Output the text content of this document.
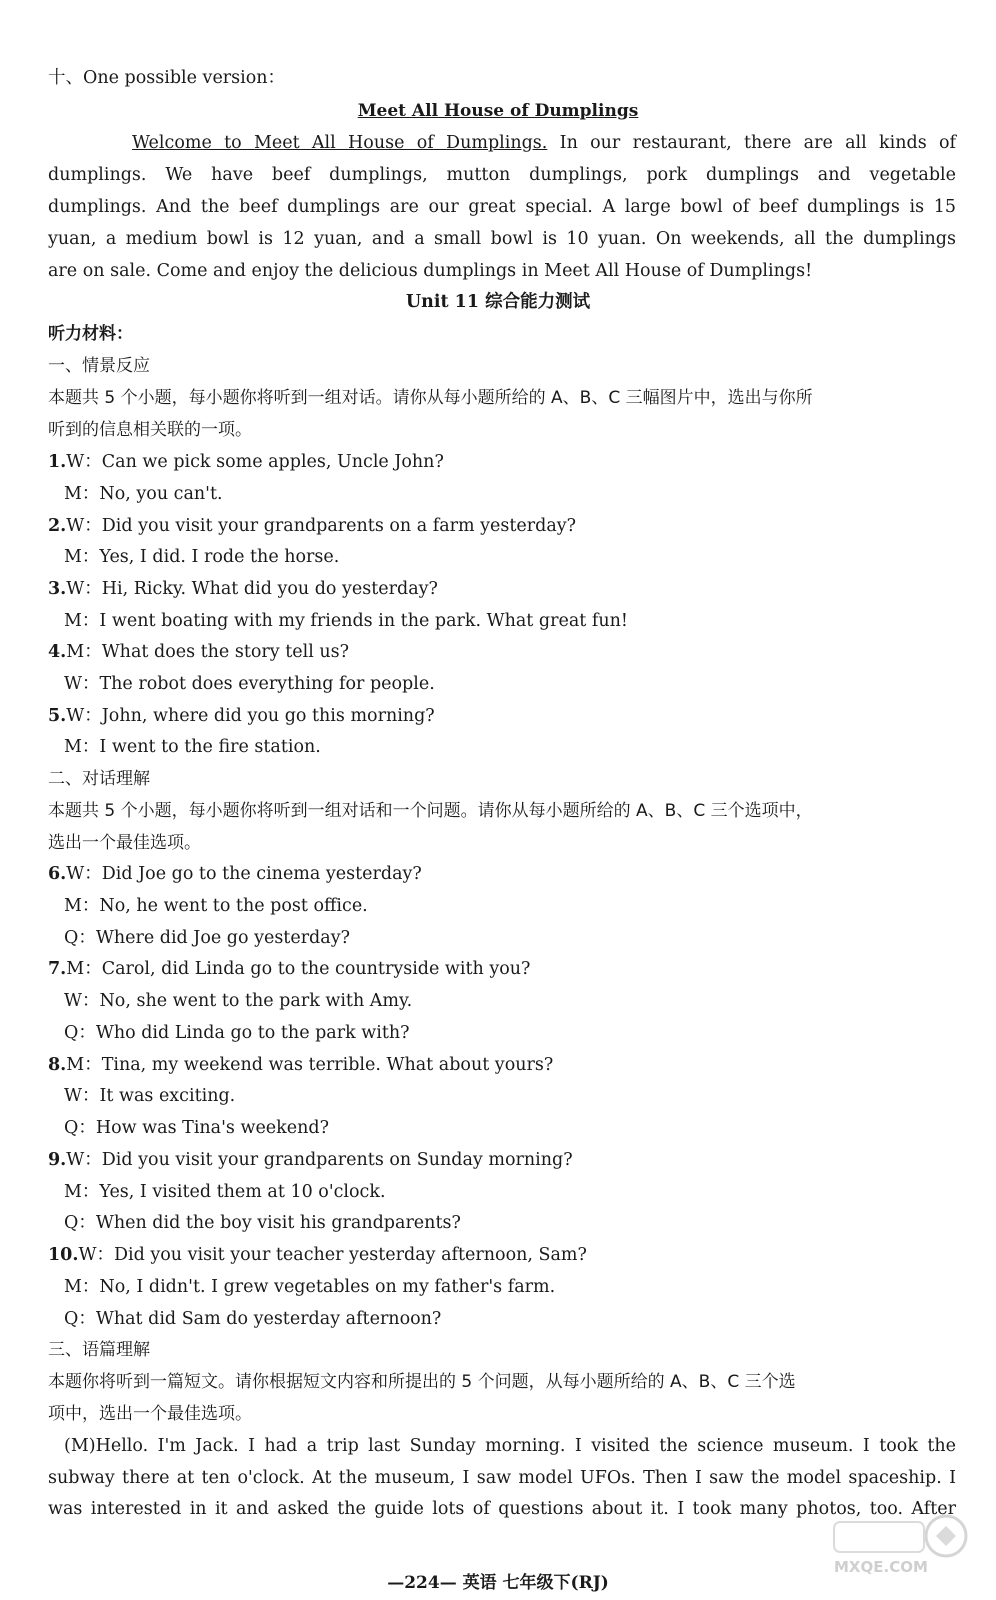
十、One possible version：
Meet All House of Dumplings
Welcome to Meet All House of Dumplings. In our restaurant, there are all kinds of
dumplings. We have beef dumplings, mutton dumplings, pork dumplings and vegetable
dumplings. And the beef dumplings are our great special. A large bowl of beef dumplings is 15
yuan, a medium bowl is 12 yuan, and a small bowl is 10 yuan. On weekends, all the dumplings
are on sale. Come and enjoy the delicious dumplings in Meet All House of Dumplings!
Unit 11 综合能力测试
听力材料：
一、情景反应
本题共 5 个小题，每小题你将听到一组对话。请你从每小题所给的 A、B、C 三幅图片中，选出与你所
听到的信息相关联的一项。
1.W：Can we pick some apples, Uncle John?
M：No, you can't.
2.W：Did you visit your grandparents on a farm yesterday?
M：Yes, I did. I rode the horse.
3.W：Hi, Ricky. What did you do yesterday?
M：I went boating with my friends in the park. What great fun!
4.M：What does the story tell us?
W：The robot does everything for people.
5.W：John, where did you go this morning?
M：I went to the fire station.
二、对话理解
本题共 5 个小题，每小题你将听到一组对话和一个问题。请你从每小题所给的 A、B、C 三个选项中，
选出一个最佳选项。
6.W：Did Joe go to the cinema yesterday?
M：No, he went to the post office.
Q：Where did Joe go yesterday?
7.M：Carol, did Linda go to the countryside with you?
W：No, she went to the park with Amy.
Q：Who did Linda go to the park with?
8.M：Tina, my weekend was terrible. What about yours?
W：It was exciting.
Q：How was Tina's weekend?
9.W：Did you visit your grandparents on Sunday morning?
M：Yes, I visited them at 10 o'clock.
Q：When did the boy visit his grandparents?
10.W：Did you visit your teacher yesterday afternoon, Sam?
M：No, I didn't. I grew vegetables on my father's farm.
Q：What did Sam do yesterday afternoon?
三、语篇理解
本题你将听到一篇短文。请你根据短文内容和所提出的 5 个问题，从每小题所给的 A、B、C 三个选
项中，选出一个最佳选项。
(M)Hello. I'm Jack. I had a trip last Sunday morning. I visited the science museum. I took the
subway there at ten o'clock. At the museum, I saw model UFOs. Then I saw the model spaceship. I
was interested in it and asked the guide lots of questions about it. I took many photos, too. After
—224— 英语 七年级下(RJ)
MXQE.COM
